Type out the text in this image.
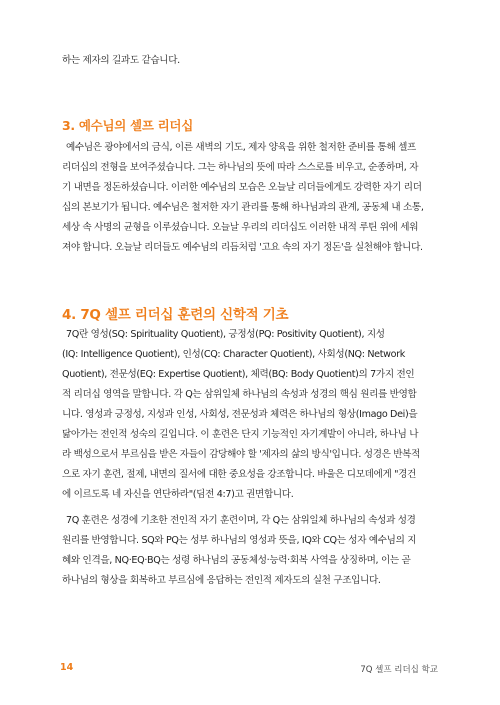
하는 제자의 길과도 같습니다.
3. 예수님의 셀프 리더십
예수님은 광야에서의 금식, 이른 새벽의 기도, 제자 양육을 위한 철저한 준비를 통해 셀프
리더십의 전형을 보여주셨습니다. 그는 하나님의 뜻에 따라 스스로를 비우고, 순종하며, 자
기 내면을 정돈하셨습니다. 이러한 예수님의 모습은 오늘날 리더들에게도 강력한 자기 리더
십의 본보기가 됩니다. 예수님은 철저한 자기 관리를 통해 하나님과의 관계, 공동체 내 소통,
세상 속 사명의 균형을 이루셨습니다. 오늘날 우리의 리더십도 이러한 내적 루틴 위에 세워
져야 합니다. 오늘날 리더들도 예수님의 리듬처럼 '고요 속의 자기 정돈'을 실천해야 합니다.
4. 7Q 셀프 리더십 훈련의 신학적 기초
7Q란 영성(SQ: Spirituality Quotient), 긍정성(PQ: Positivity Quotient), 지성
(IQ: Intelligence Quotient), 인성(CQ: Character Quotient), 사회성(NQ: Network
Quotient), 전문성(EQ: Expertise Quotient), 체력(BQ: Body Quotient)의 7가지 전인
적 리더십 영역을 말합니다. 각 Q는 삼위일체 하나님의 속성과 성경의 핵심 원리를 반영합
니다. 영성과 긍정성, 지성과 인성, 사회성, 전문성과 체력은 하나님의 형상(Imago Dei)을
닮아가는 전인적 성숙의 길입니다. 이 훈련은 단지 기능적인 자기계발이 아니라, 하나님 나
라 백성으로서 부르심을 받은 자들이 감당해야 할 '제자의 삶의 방식'입니다. 성경은 반복적
으로 자기 훈련, 절제, 내면의 질서에 대한 중요성을 강조합니다. 바울은 디모데에게 "경건
에 이르도록 네 자신을 연단하라"(딤전 4:7)고 권면합니다.
7Q 훈련은 성경에 기초한 전인적 자기 훈련이며, 각 Q는 삼위일체 하나님의 속성과 성경
원리를 반영합니다. SQ와 PQ는 성부 하나님의 영성과 뜻을, IQ와 CQ는 성자 예수님의 지
혜와 인격을, NQ·EQ·BQ는 성령 하나님의 공동체성·능력·회복 사역을 상징하며, 이는 곧
하나님의 형상을 회복하고 부르심에 응답하는 전인적 제자도의 실천 구조입니다.
14	7Q 셀프 리더십 학교
